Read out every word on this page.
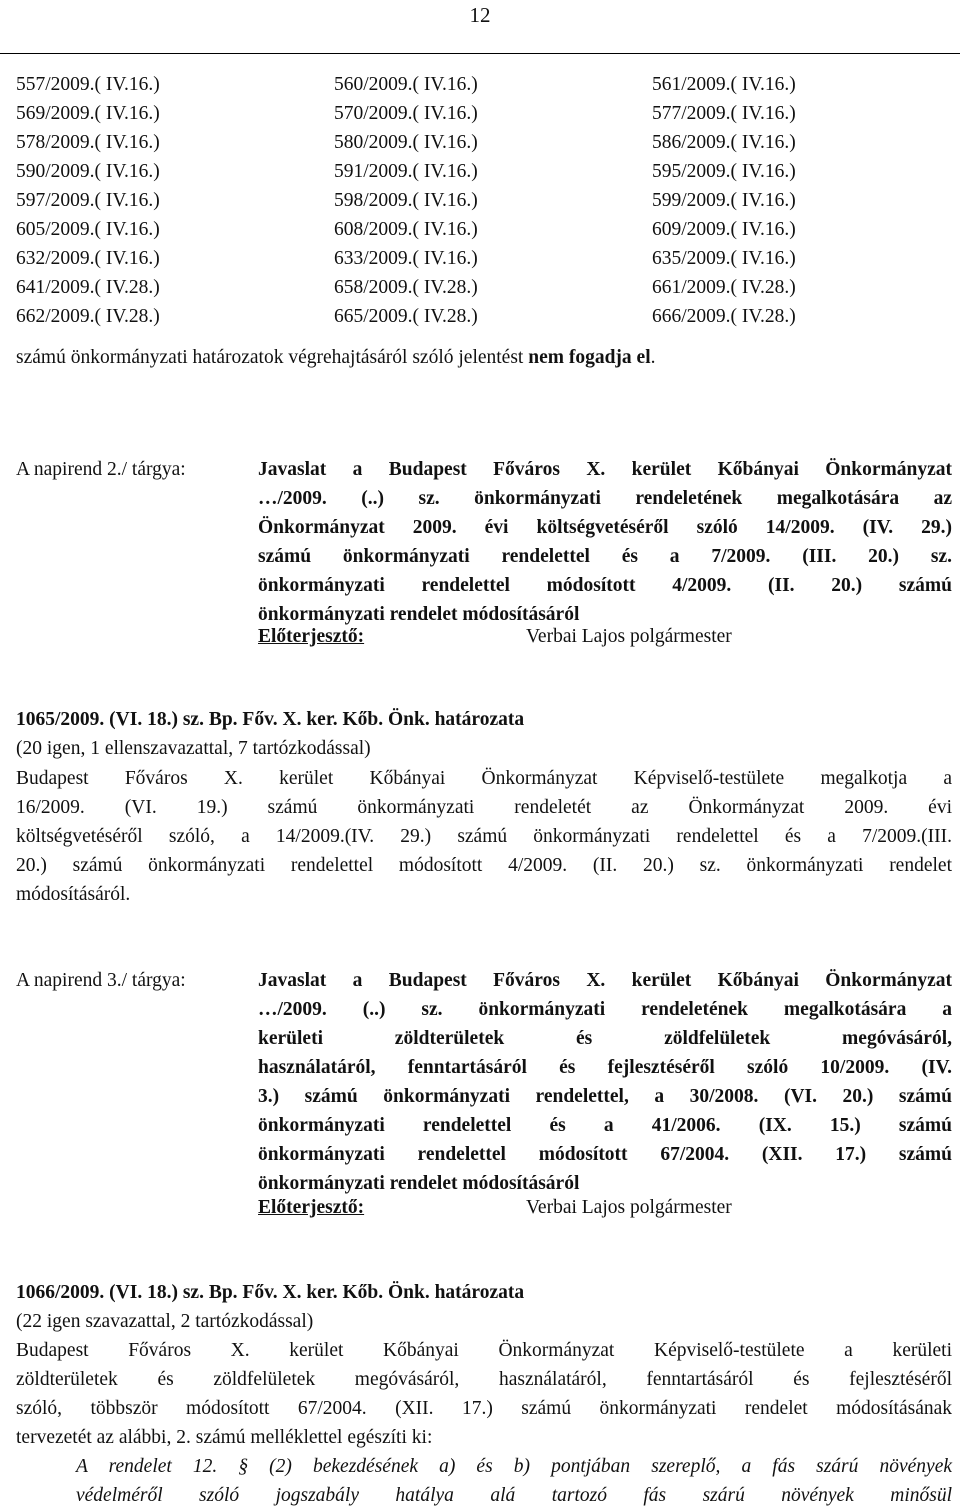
12
557/2009.( IV.16.)	560/2009.( IV.16.)	561/2009.( IV.16.)
569/2009.( IV.16.)	570/2009.( IV.16.)	577/2009.( IV.16.)
578/2009.( IV.16.)	580/2009.( IV.16.)	586/2009.( IV.16.)
590/2009.( IV.16.)	591/2009.( IV.16.)	595/2009.( IV.16.)
597/2009.( IV.16.)	598/2009.( IV.16.)	599/2009.( IV.16.)
605/2009.( IV.16.)	608/2009.( IV.16.)	609/2009.( IV.16.)
632/2009.( IV.16.)	633/2009.( IV.16.)	635/2009.( IV.16.)
641/2009.( IV.28.)	658/2009.( IV.28.)	661/2009.( IV.28.)
662/2009.( IV.28.)	665/2009.( IV.28.)	666/2009.( IV.28.)
számú önkormányzati határozatok végrehajtásáról szóló jelentést nem fogadja el.
A napirend 2./ tárgya:	Javaslat a Budapest Főváros X. kerület Kőbányai Önkormányzat
…/2009. (..) sz. önkormányzati rendeletének megalkotására az
Önkormányzat 2009. évi költségvetéséről szóló 14/2009. (IV. 29.)
számú önkormányzati rendelettel és a 7/2009. (III. 20.) sz.
önkormányzati rendelettel módosított 4/2009. (II. 20.) számú
önkormányzati rendelet módosításáról
Előterjesztő:	Verbai Lajos polgármester
1065/2009. (VI. 18.) sz. Bp. Főv. X. ker. Kőb. Önk. határozata
(20 igen, 1 ellenszavazattal, 7 tartózkodással)
Budapest Főváros X. kerület Kőbányai Önkormányzat Képviselő-testülete megalkotja a
16/2009. (VI. 19.) számú önkormányzati rendeletét az Önkormányzat 2009. évi
költségvetéséről szóló, a 14/2009.(IV. 29.) számú önkormányzati rendelettel és a 7/2009.(III.
20.) számú önkormányzati rendelettel módosított 4/2009. (II. 20.) sz. önkormányzati rendelet
módosításáról.
A napirend 3./ tárgya:	Javaslat a Budapest Főváros X. kerület Kőbányai Önkormányzat
…/2009. (..) sz. önkormányzati rendeletének megalkotására a
kerületi zöldterületek és zöldfelületek megóvásáról,
használatáról, fenntartásáról és fejlesztéséről szóló 10/2009. (IV.
3.) számú önkormányzati rendelettel, a 30/2008. (VI. 20.) számú
önkormányzati rendelettel és a 41/2006. (IX. 15.) számú
önkormányzati rendelettel módosított 67/2004. (XII. 17.) számú
önkormányzati rendelet módosításáról
Előterjesztő:	Verbai Lajos polgármester
1066/2009. (VI. 18.) sz. Bp. Főv. X. ker. Kőb. Önk. határozata
(22 igen szavazattal, 2 tartózkodással)
Budapest Főváros X. kerület Kőbányai Önkormányzat Képviselő-testülete a kerületi
zöldterületek és zöldfelületek megóvásáról, használatáról, fenntartásáról és fejlesztéséről
szóló, többször módosított 67/2004. (XII. 17.) számú önkormányzati rendelet módosításának
tervezetét az alábbi, 2. számú melléklettel egészíti ki:
A rendelet 12. § (2) bekezdésének a) és b) pontjában szereplő, a fás szárú növények
védelméről szóló jogszabály hatálya alá tartozó fás szárú növények minősül
